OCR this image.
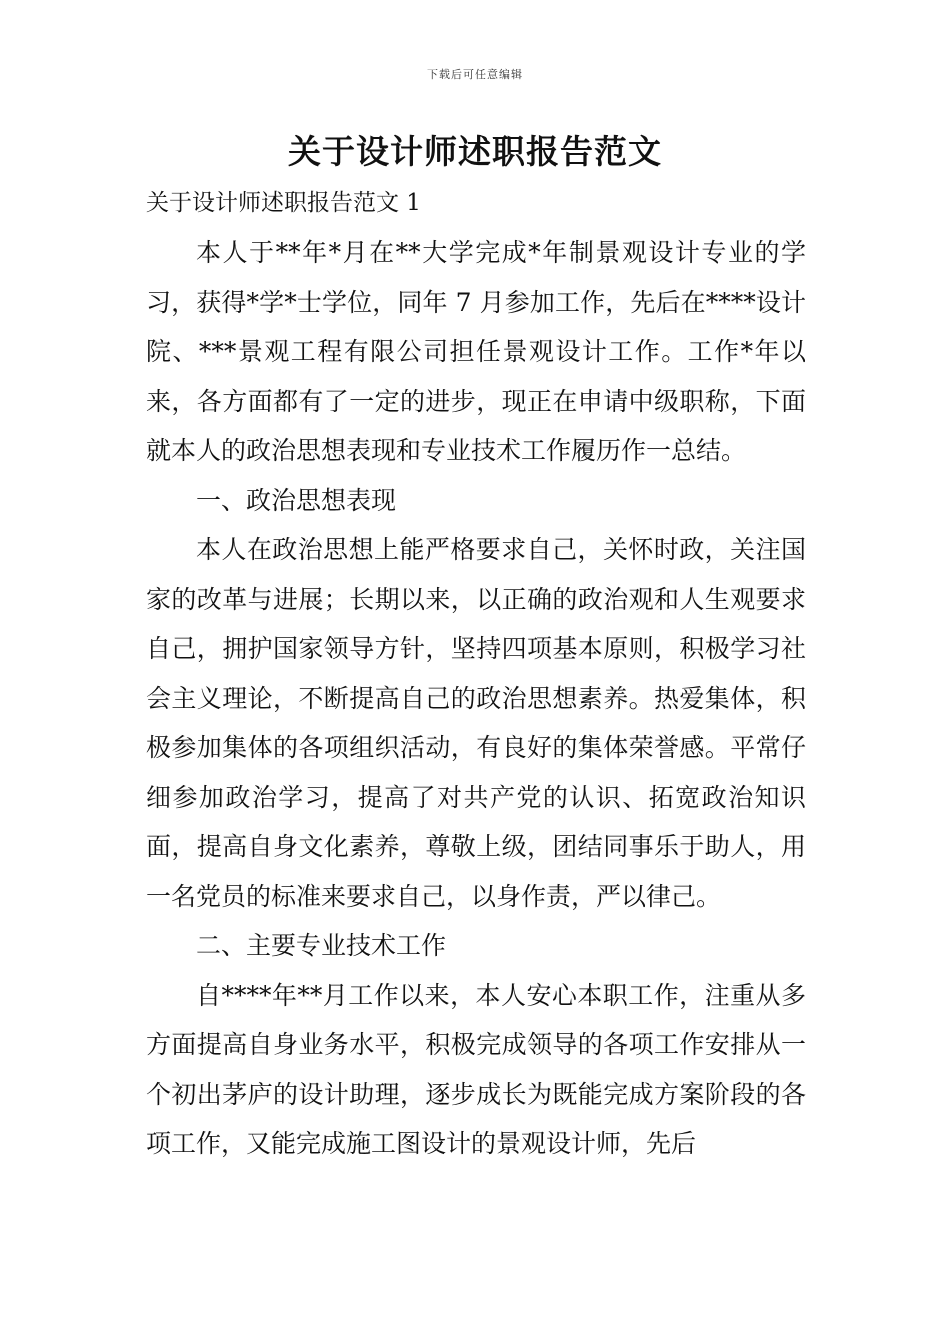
下载后可任意编辑
关于设计师述职报告范文
关于设计师述职报告范文 1

本人于**年*月在**大学完成*年制景观设计专业的学习，获得*学*士学位，同年 7 月参加工作，先后在****设计院、***景观工程有限公司担任景观设计工作。工作*年以来，各方面都有了一定的进步，现正在申请中级职称，下面就本人的政治思想表现和专业技术工作履历作一总结。

一、政治思想表现

本人在政治思想上能严格要求自己，关怀时政，关注国家的改革与进展；长期以来，以正确的政治观和人生观要求自己，拥护国家领导方针，坚持四项基本原则，积极学习社会主义理论，不断提高自己的政治思想素养。热爱集体，积极参加集体的各项组织活动，有良好的集体荣誉感。平常仔细参加政治学习，提高了对共产党的认识、拓宽政治知识面，提高自身文化素养，尊敬上级，团结同事乐于助人，用一名党员的标准来要求自己，以身作责，严以律己。

二、主要专业技术工作

自****年**月工作以来，本人安心本职工作，注重从多方面提高自身业务水平，积极完成领导的各项工作安排从一个初出茅庐的设计助理，逐步成长为既能完成方案阶段的各项工作，又能完成施工图设计的景观设计师，先后
